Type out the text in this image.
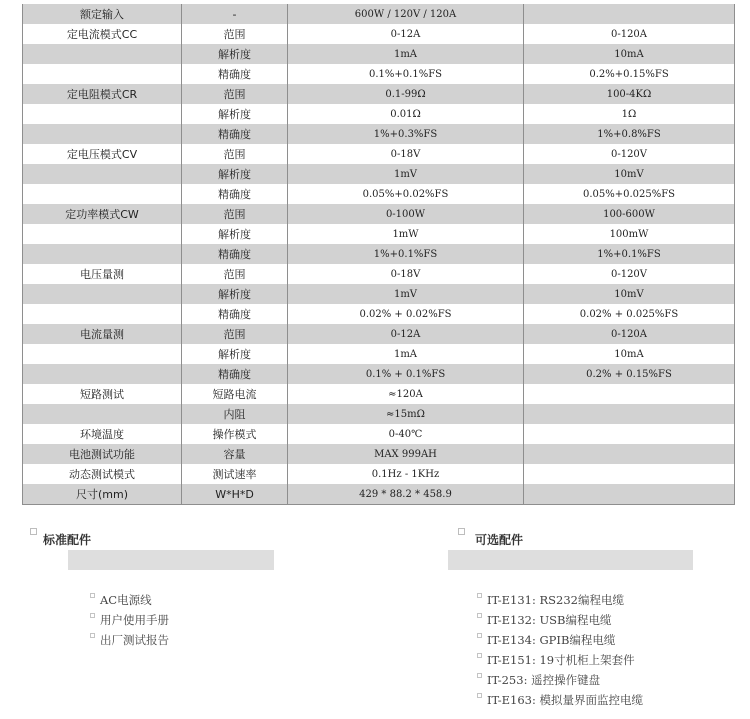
额定输入	-	600W / 120V / 120A	
定电流模式CC	范围	0-12A	0-120A
	解析度	1mA	10mA
	精确度	0.1%+0.1%FS	0.2%+0.15%FS
定电阻模式CR	范围	0.1-99Ω	100-4KΩ
	解析度	0.01Ω	1Ω
	精确度	1%+0.3%FS	1%+0.8%FS
定电压模式CV	范围	0-18V	0-120V
	解析度	1mV	10mV
	精确度	0.05%+0.02%FS	0.05%+0.025%FS
定功率模式CW	范围	0-100W	100-600W
	解析度	1mW	100mW
	精确度	1%+0.1%FS	1%+0.1%FS
电压量测	范围	0-18V	0-120V
	解析度	1mV	10mV
	精确度	0.02% + 0.02%FS	0.02% + 0.025%FS
电流量测	范围	0-12A	0-120A
	解析度	1mA	10mA
	精确度	0.1% + 0.1%FS	0.2% + 0.15%FS
短路测试	短路电流	≈120A	
	内阻	≈15mΩ	
环境温度	操作模式	0-40℃	
电池测试功能	容量	MAX 999AH	
动态测试模式	测试速率	0.1Hz - 1KHz	
尺寸(mm)	W*H*D	429 * 88.2 * 458.9	
标准配件
AC电源线
用户使用手册
出厂测试报告
可选配件
IT-E131: RS232编程电缆
IT-E132: USB编程电缆
IT-E134: GPIB编程电缆
IT-E151: 19寸机柜上架套件
IT-253: 遥控操作键盘
IT-E163: 模拟量界面监控电缆
